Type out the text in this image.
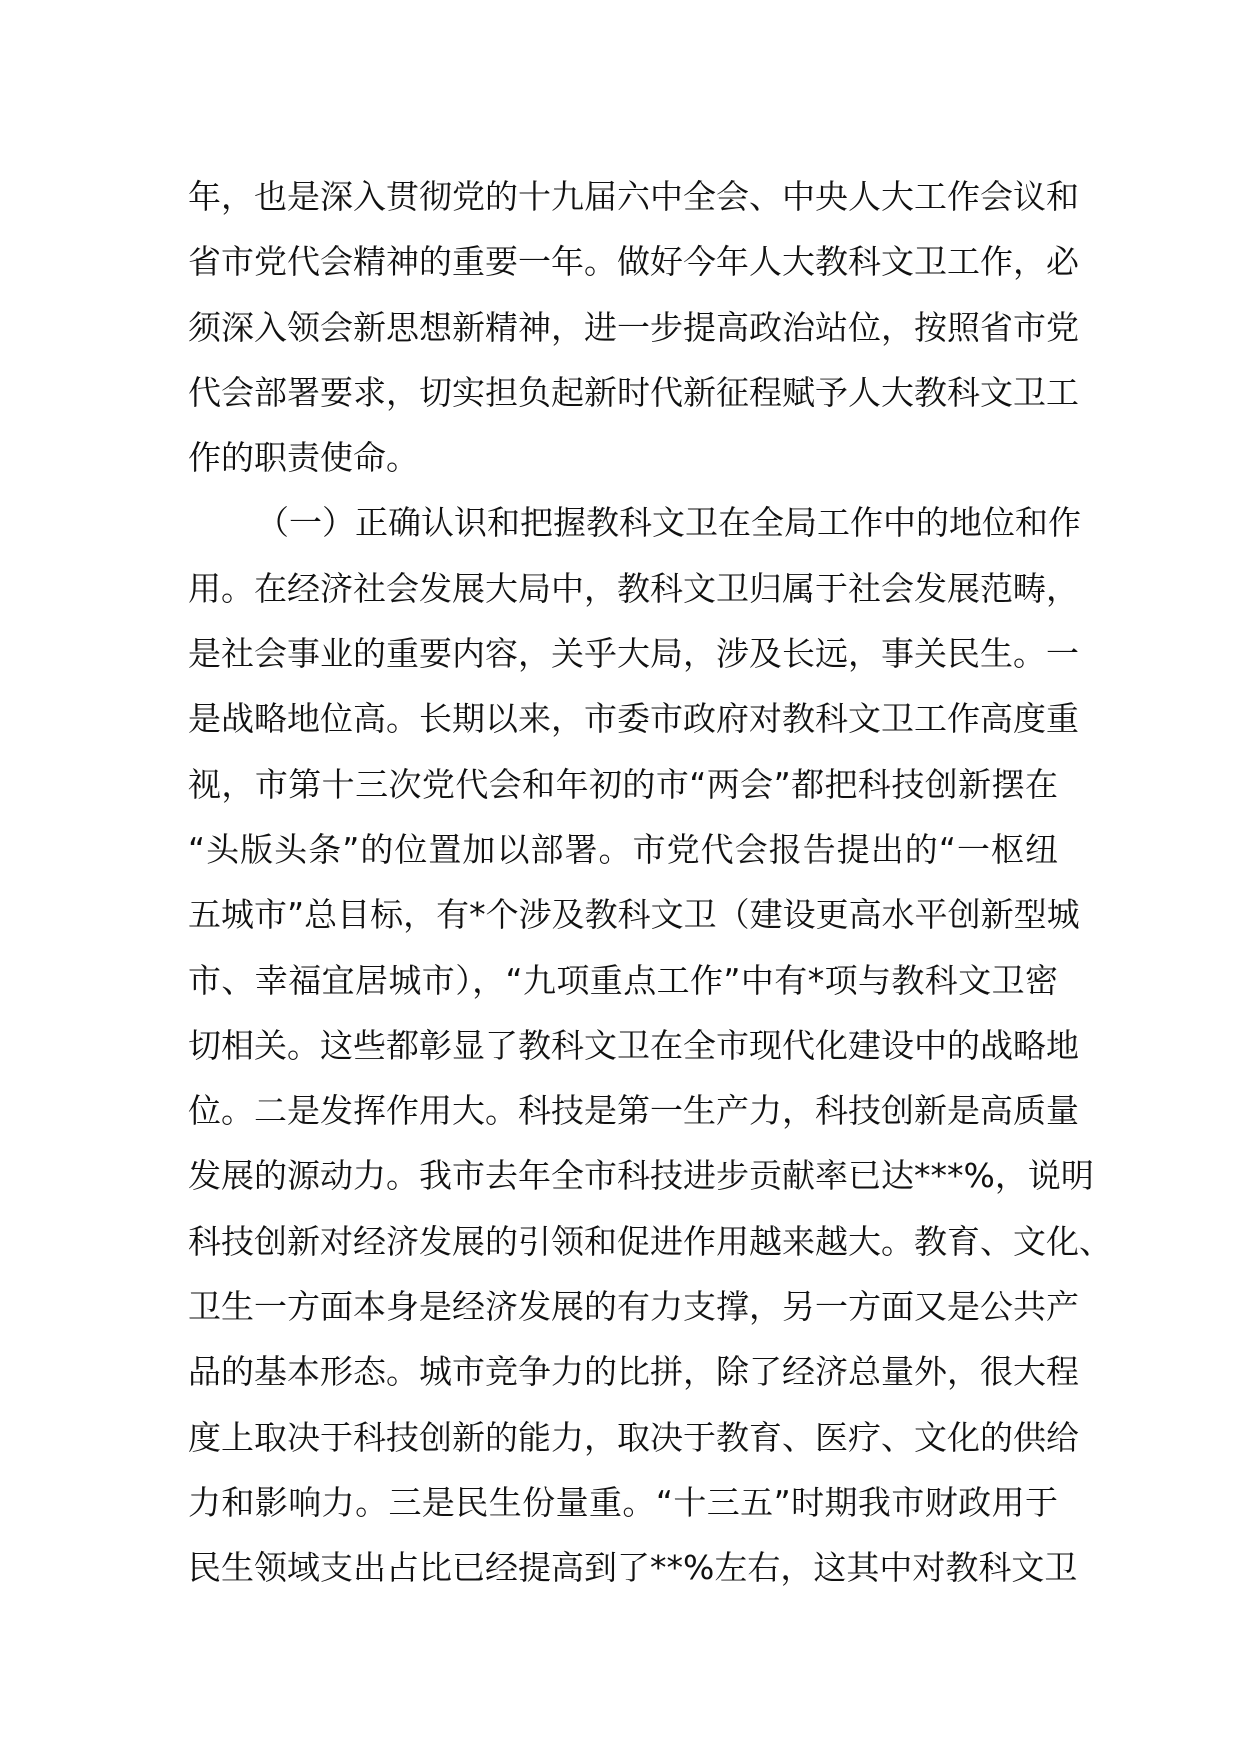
年，也是深入贯彻党的十九届六中全会、中央人大工作会议和
省市党代会精神的重要一年。做好今年人大教科文卫工作，必
须深入领会新思想新精神，进一步提高政治站位，按照省市党
代会部署要求，切实担负起新时代新征程赋予人大教科文卫工
作的职责使命。
（一）正确认识和把握教科文卫在全局工作中的地位和作
用。在经济社会发展大局中，教科文卫归属于社会发展范畴，
是社会事业的重要内容，关乎大局，涉及长远，事关民生。一
是战略地位高。长期以来，市委市政府对教科文卫工作高度重
视，市第十三次党代会和年初的市“两会”都把科技创新摆在
“头版头条”的位置加以部署。市党代会报告提出的“一枢纽
五城市”总目标，有*个涉及教科文卫（建设更高水平创新型城
市、幸福宜居城市），“九项重点工作”中有*项与教科文卫密
切相关。这些都彰显了教科文卫在全市现代化建设中的战略地
位。二是发挥作用大。科技是第一生产力，科技创新是高质量
发展的源动力。我市去年全市科技进步贡献率已达***%，说明
科技创新对经济发展的引领和促进作用越来越大。教育、文化、
卫生一方面本身是经济发展的有力支撑，另一方面又是公共产
品的基本形态。城市竞争力的比拼，除了经济总量外，很大程
度上取决于科技创新的能力，取决于教育、医疗、文化的供给
力和影响力。三是民生份量重。“十三五”时期我市财政用于
民生领域支出占比已经提高到了**%左右，这其中对教科文卫
